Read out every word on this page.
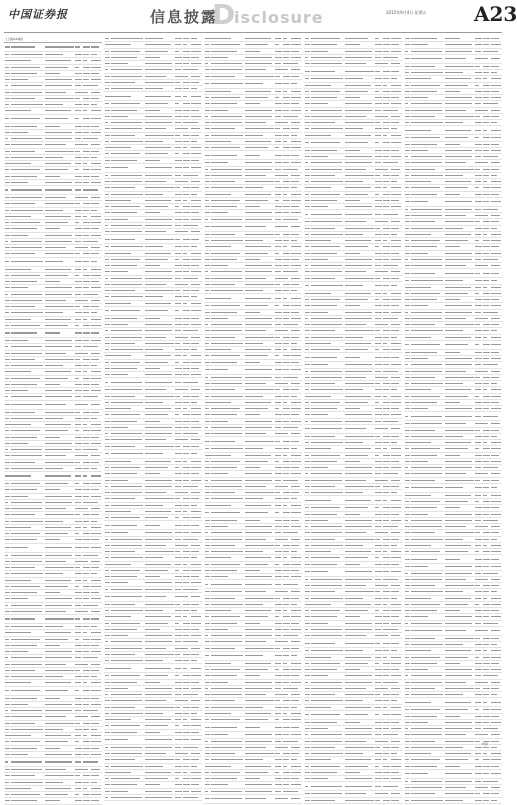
中国证券报	信息披露
D
isclosure	2015年9月4日 星期五 A23
(上接A22版)
转载
